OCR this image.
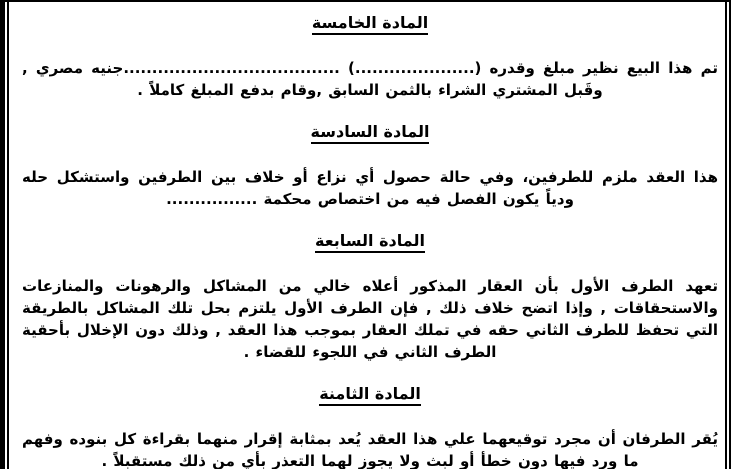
المادة الخامسة

تم هذا البيع نظير مبلغ وقدره (.....................) ......................................جنيه مصري , وقَبل المشتري الشراء بالثمن السابق ,وقام بدفع المبلغ كاملاً .

المادة السادسة

هذا العقد ملزم للطرفين، وفي حالة حصول أي نزاع أو خلاف بين الطرفين واستشكل حله ودياً يكون الفصل فيه من اختصاص محكمة ................

المادة السابعة

تعهد الطرف الأول بأن العقار المذكور أعلاه خالي من المشاكل والرهونات والمنازعات والاستحقاقات , وإذا اتضح خلاف ذلك , فإن الطرف الأول يلتزم بحل تلك المشاكل بالطريقة التي تحفظ للطرف الثاني حقه في تملك العقار بموجب هذا العقد , وذلك دون الإخلال بأحقية الطرف الثاني في اللجوء للقضاء .

المادة الثامنة

يُقر الطرفان أن مجرد توقيعهما علي هذا العقد يُعد بمثابة إقرار منهما بقراءة كل بنوده وفهم ما ورد فيها دون خطأ أو لبث ولا يجوز لهما التعذر بأي من ذلك مستقبلاً .
